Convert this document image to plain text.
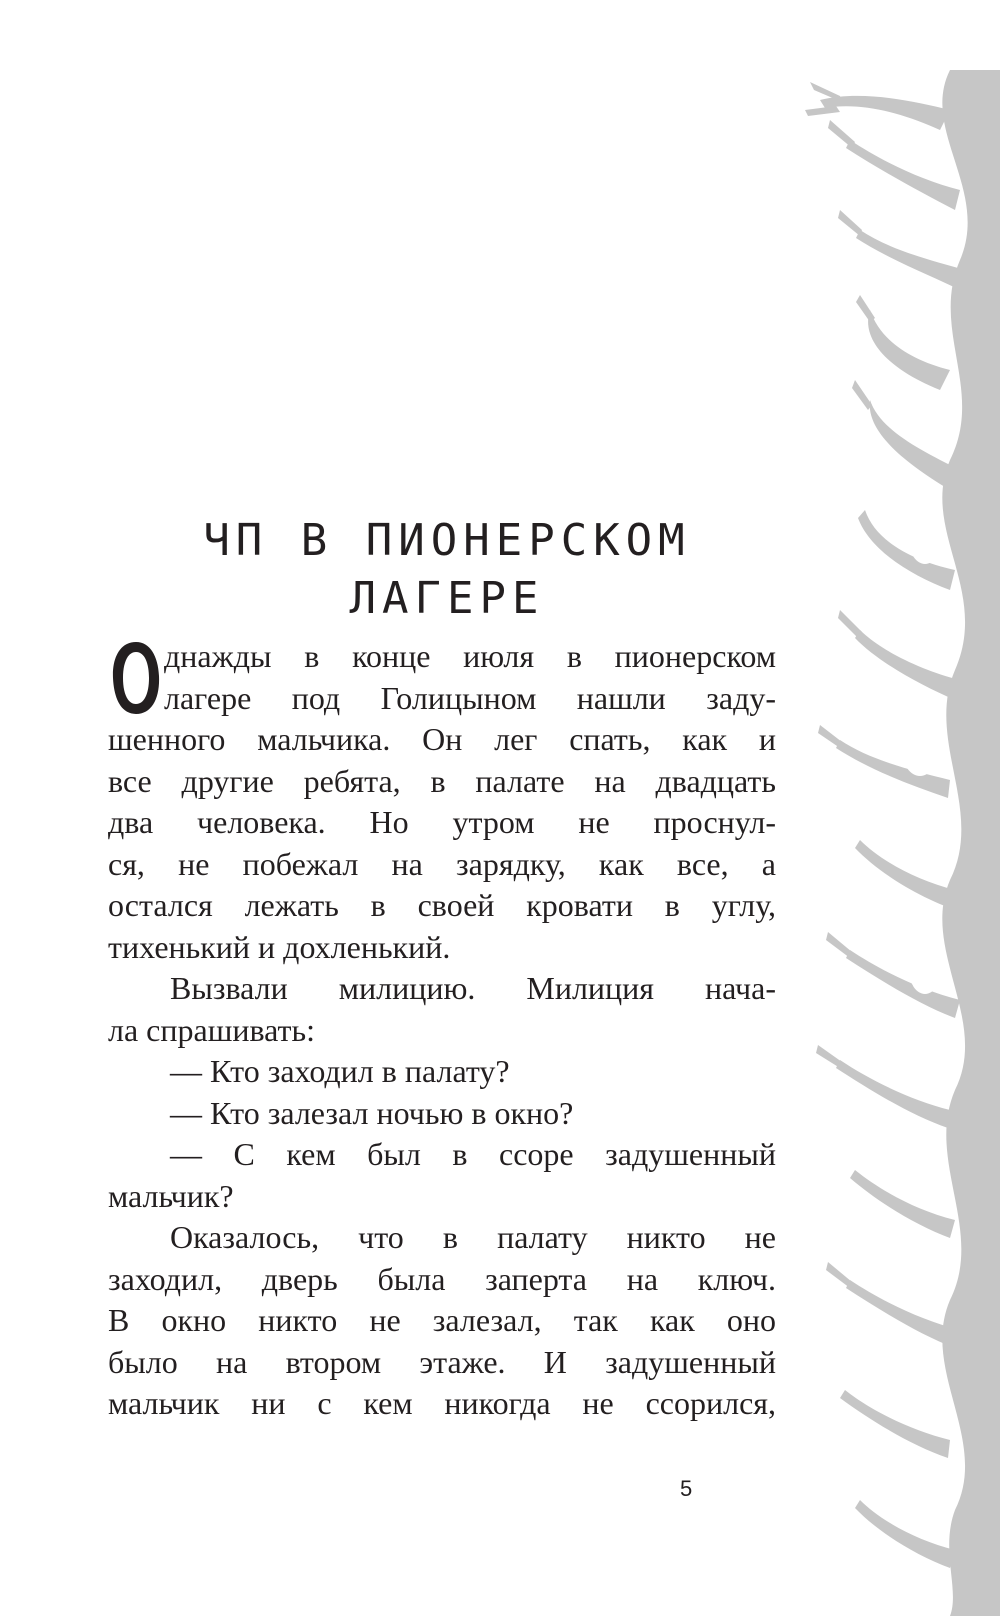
ЧП В ПИОНЕРСКОМ
ЛАГЕРЕ
О
днажды в конце июля в пионерском
лагере под Голицыном нашли заду-
шенного мальчика. Он лег спать, как и
все другие ребята, в палате на двадцать
два человека. Но утром не проснул-
ся, не побежал на зарядку, как все, а
остался лежать в своей кровати в углу,
тихенький и дохленький.
Вызвали милицию. Милиция нача-
ла спрашивать:
— Кто заходил в палату?
— Кто залезал ночью в окно?
— С кем был в ссоре задушенный
мальчик?
Оказалось, что в палату никто не
заходил, дверь была заперта на ключ.
В окно никто не залезал, так как оно
было на втором этаже. И задушенный
мальчик ни с кем никогда не ссорился,
5
